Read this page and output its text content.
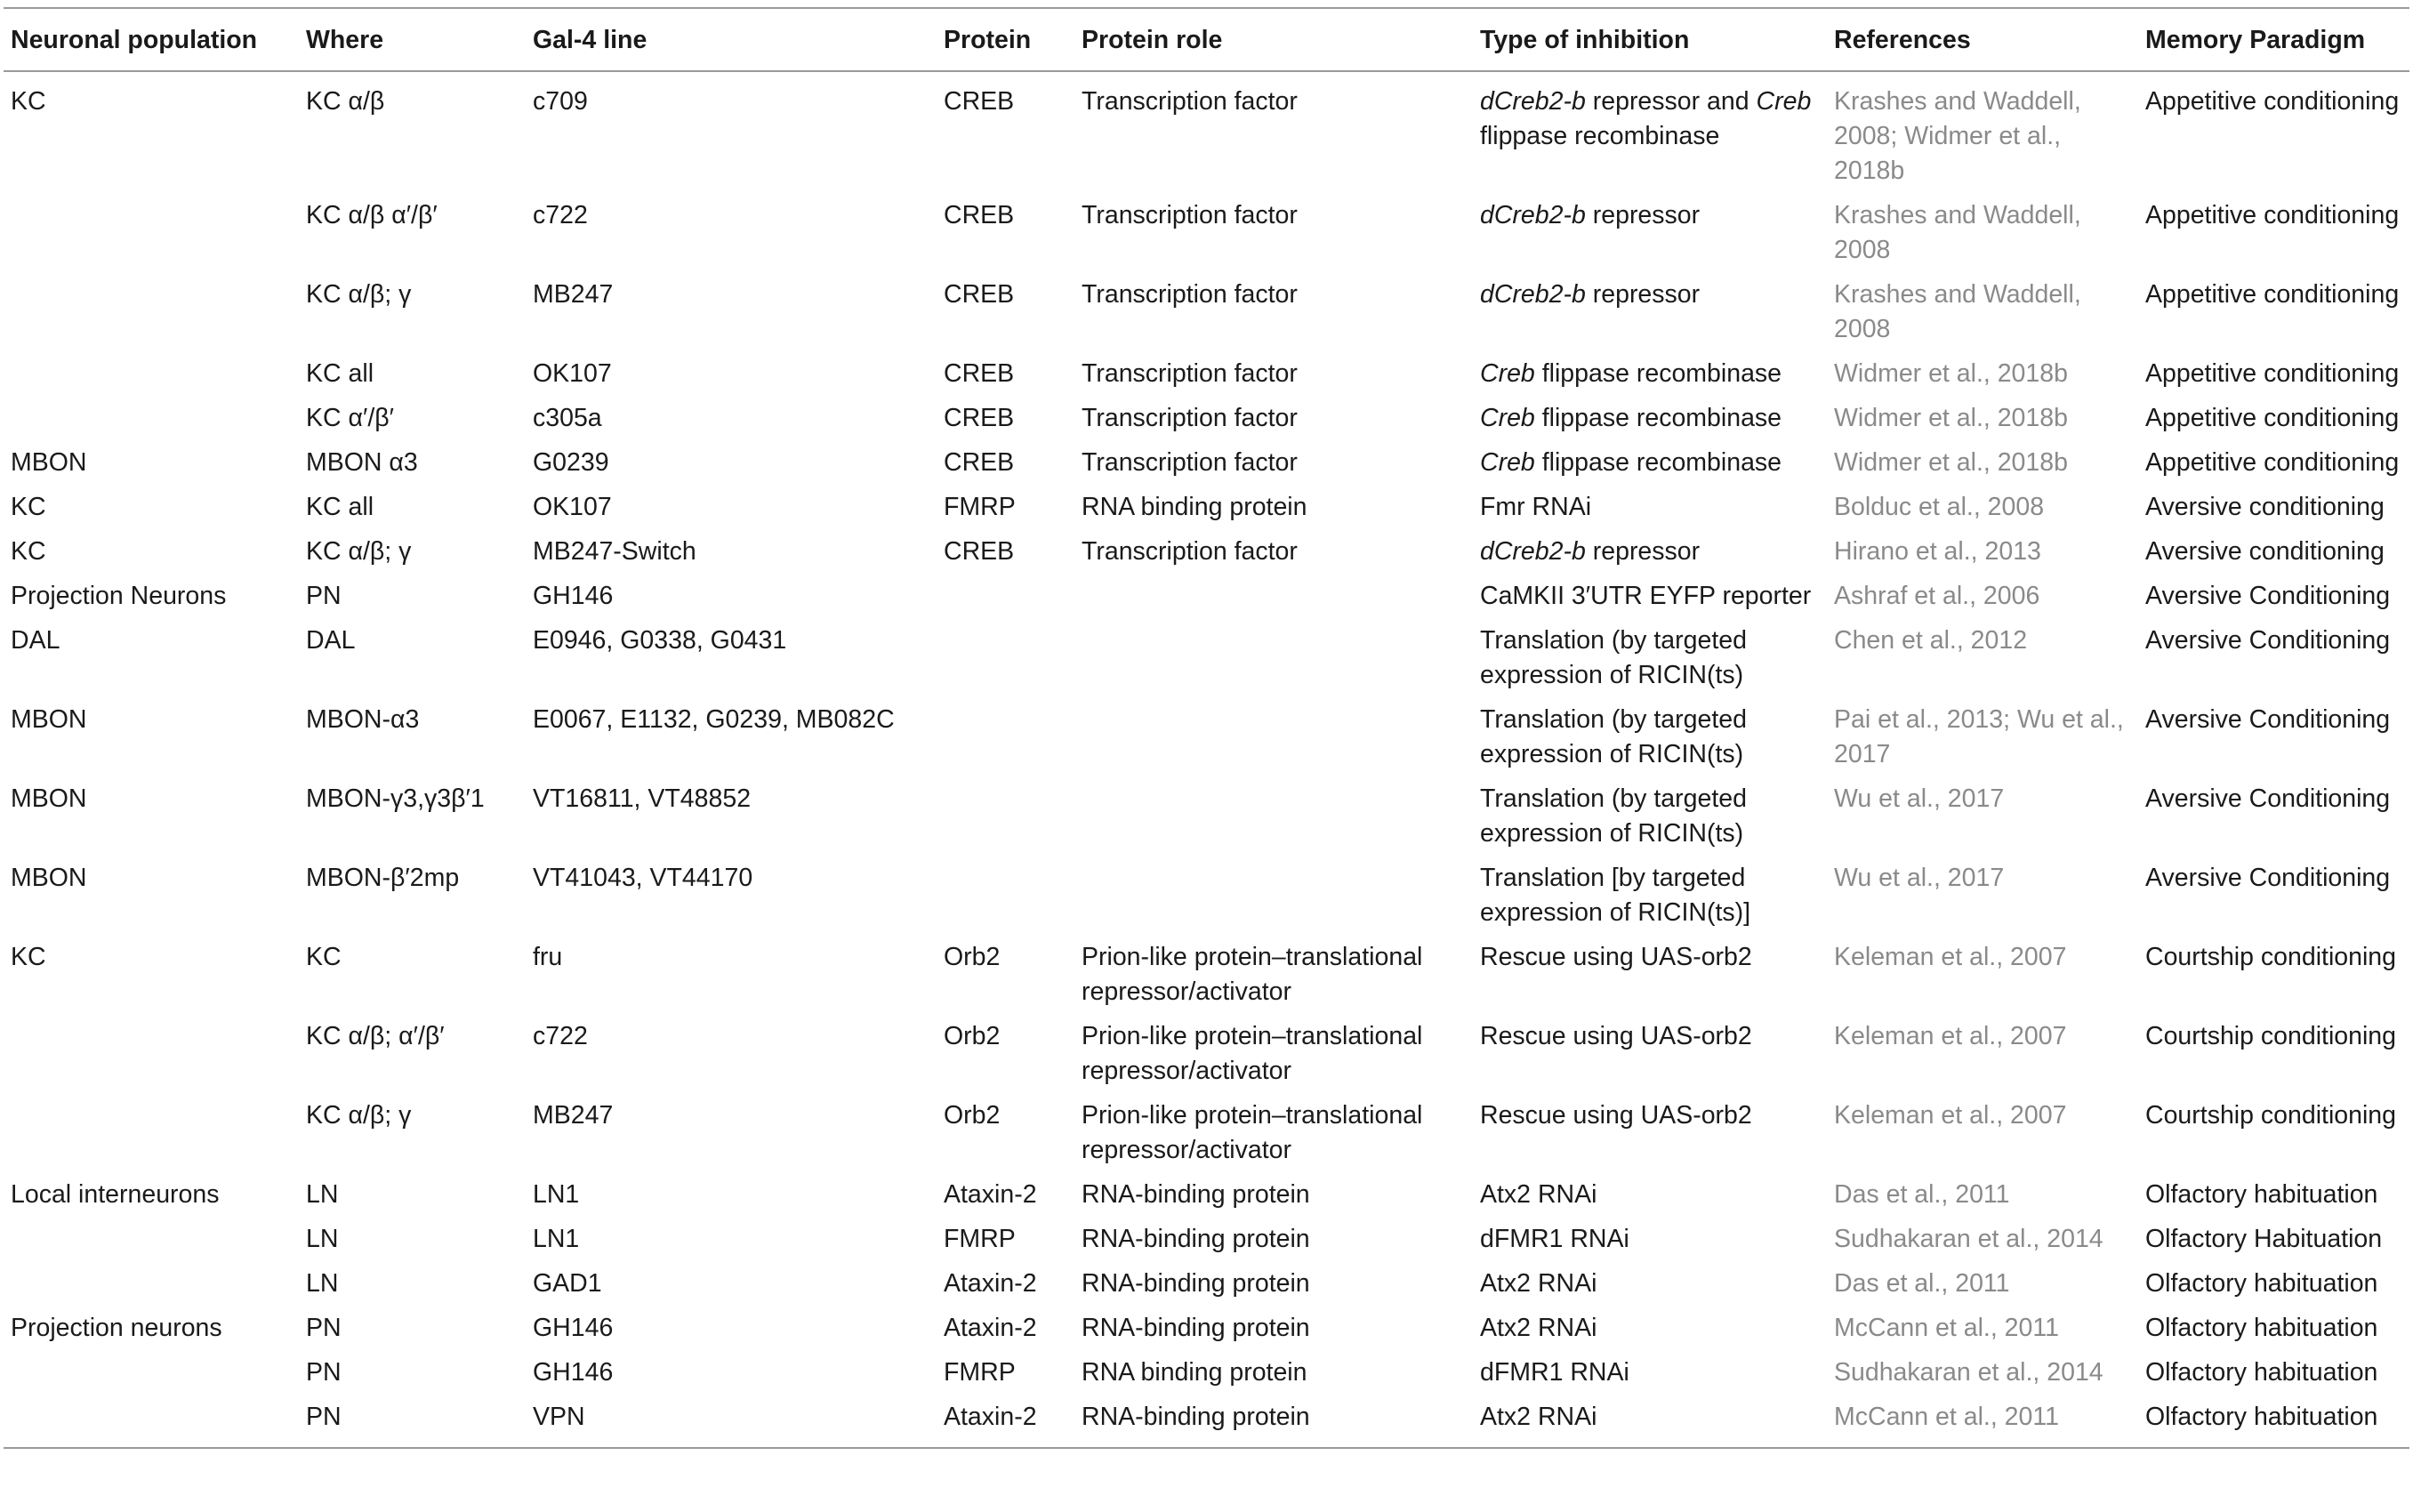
Neuronal population	Where	Gal-4 line	Protein	Protein role	Type of inhibition	References	Memory Paradigm
KC	KC α/β	c709	CREB	Transcription factor	dCreb2-b repressor and Creb flippase recombinase	Krashes and Waddell, 2008; Widmer et al., 2018b	Appetitive conditioning
	KC α/β α′/β′	c722	CREB	Transcription factor	dCreb2-b repressor	Krashes and Waddell, 2008	Appetitive conditioning
	KC α/β; γ	MB247	CREB	Transcription factor	dCreb2-b repressor	Krashes and Waddell, 2008	Appetitive conditioning
	KC all	OK107	CREB	Transcription factor	Creb flippase recombinase	Widmer et al., 2018b	Appetitive conditioning
	KC α′/β′	c305a	CREB	Transcription factor	Creb flippase recombinase	Widmer et al., 2018b	Appetitive conditioning
MBON	MBON α3	G0239	CREB	Transcription factor	Creb flippase recombinase	Widmer et al., 2018b	Appetitive conditioning
KC	KC all	OK107	FMRP	RNA binding protein	Fmr RNAi	Bolduc et al., 2008	Aversive conditioning
KC	KC α/β; γ	MB247-Switch	CREB	Transcription factor	dCreb2-b repressor	Hirano et al., 2013	Aversive conditioning
Projection Neurons	PN	GH146			CaMKII 3′UTR EYFP reporter	Ashraf et al., 2006	Aversive Conditioning
DAL	DAL	E0946, G0338, G0431			Translation (by targeted expression of RICIN(ts)	Chen et al., 2012	Aversive Conditioning
MBON	MBON-α3	E0067, E1132, G0239, MB082C			Translation (by targeted expression of RICIN(ts)	Pai et al., 2013; Wu et al., 2017	Aversive Conditioning
MBON	MBON-γ3,γ3β′1	VT16811, VT48852			Translation (by targeted expression of RICIN(ts)	Wu et al., 2017	Aversive Conditioning
MBON	MBON-β′2mp	VT41043, VT44170			Translation [by targeted expression of RICIN(ts)]	Wu et al., 2017	Aversive Conditioning
KC	KC	fru	Orb2	Prion-like protein–translational repressor/activator	Rescue using UAS-orb2	Keleman et al., 2007	Courtship conditioning
	KC α/β; α′/β′	c722	Orb2	Prion-like protein–translational repressor/activator	Rescue using UAS-orb2	Keleman et al., 2007	Courtship conditioning
	KC α/β; γ	MB247	Orb2	Prion-like protein–translational repressor/activator	Rescue using UAS-orb2	Keleman et al., 2007	Courtship conditioning
Local interneurons	LN	LN1	Ataxin-2	RNA-binding protein	Atx2 RNAi	Das et al., 2011	Olfactory habituation
	LN	LN1	FMRP	RNA-binding protein	dFMR1 RNAi	Sudhakaran et al., 2014	Olfactory Habituation
	LN	GAD1	Ataxin-2	RNA-binding protein	Atx2 RNAi	Das et al., 2011	Olfactory habituation
Projection neurons	PN	GH146	Ataxin-2	RNA-binding protein	Atx2 RNAi	McCann et al., 2011	Olfactory habituation
	PN	GH146	FMRP	RNA binding protein	dFMR1 RNAi	Sudhakaran et al., 2014	Olfactory habituation
	PN	VPN	Ataxin-2	RNA-binding protein	Atx2 RNAi	McCann et al., 2011	Olfactory habituation
